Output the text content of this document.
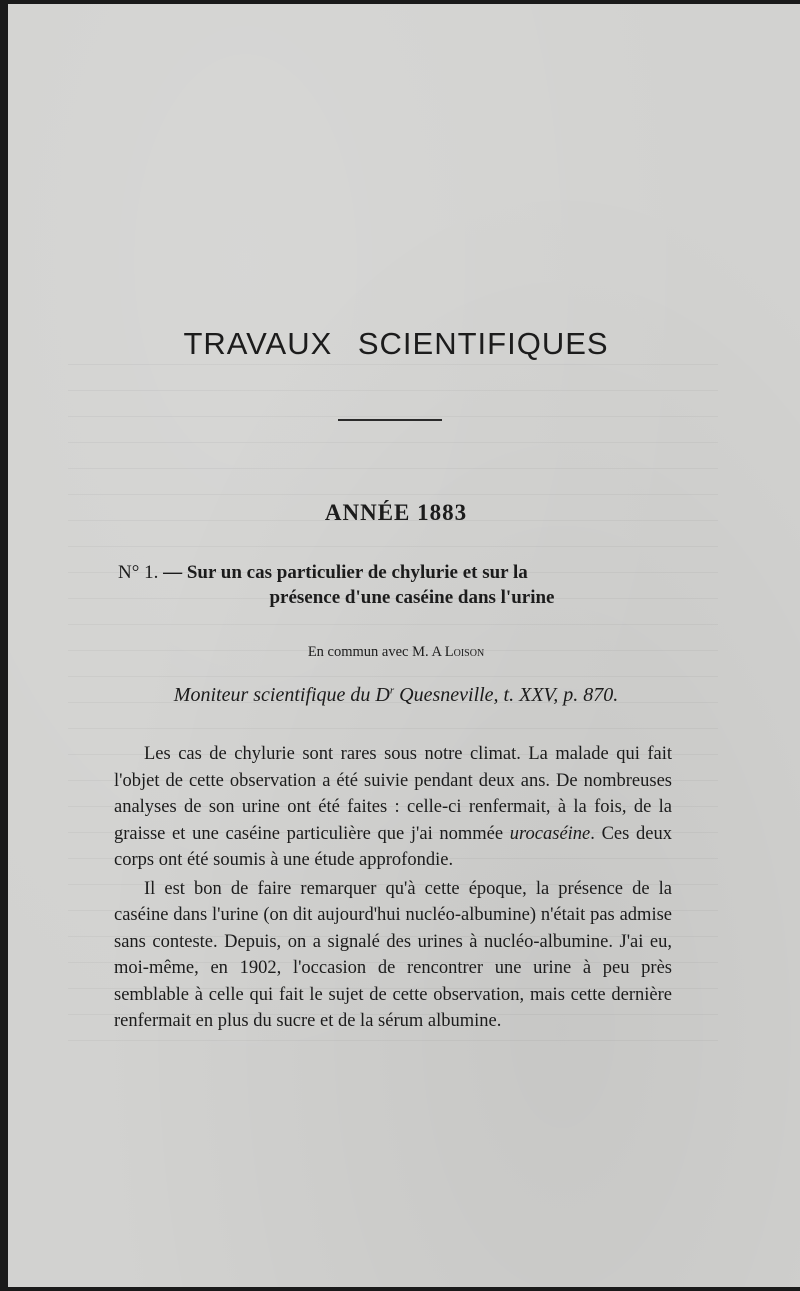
TRAVAUX SCIENTIFIQUES
ANNÉE 1883
N° 1. — Sur un cas particulier de chylurie et sur la
présence d'une caséine dans l'urine

En commun avec M. A Loison

Moniteur scientifique du $D^r$ Quesneville, t. XXV, p. 870.

Les cas de chylurie sont rares sous notre climat. La malade qui fait l'objet de cette observation a été suivie pendant deux ans. De nombreuses analyses de son urine ont été faites : celle-ci renfermait, à la fois, de la graisse et une caséine particulière que j'ai nommée urocaséine. Ces deux corps ont été soumis à une étude approfondie.

Il est bon de faire remarquer qu'à cette époque, la présence de la caséine dans l'urine (on dit aujourd'hui nucléo-albumine) n'était pas admise sans conteste. Depuis, on a signalé des urines à nucléo-albumine. J'ai eu, moi-même, en 1902, l'occasion de rencontrer une urine à peu près semblable à celle qui fait le sujet de cette observation, mais cette dernière renfermait en plus du sucre et de la sérum albumine.
